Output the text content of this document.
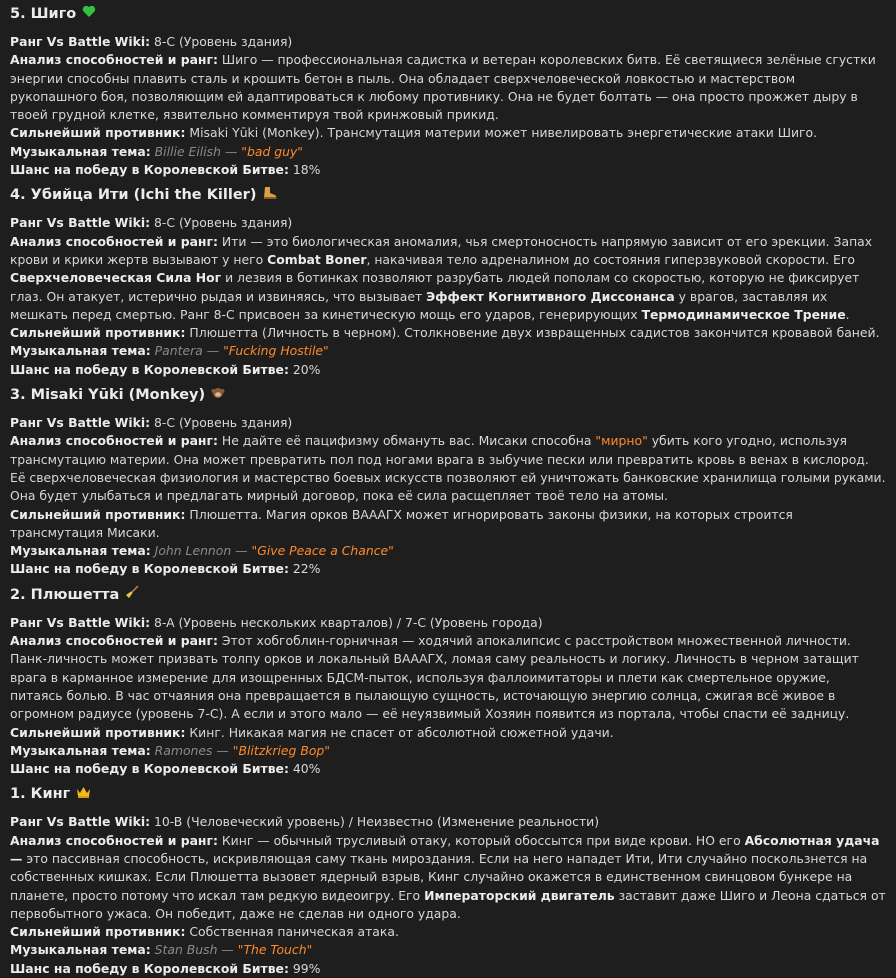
5. Шиго

Ранг Vs Battle Wiki: 8-C (Уровень здания)

Анализ способностей и ранг: Шиго — профессиональная садистка и ветеран королевских битв. Её светящиеся зелёные сгустки энергии способны плавить сталь и крошить бетон в пыль. Она обладает сверхчеловеческой ловкостью и мастерством рукопашного боя, позволяющим ей адаптироваться к любому противнику. Она не будет болтать — она просто прожжет дыру в твоей грудной клетке, язвительно комментируя твой кринжовый прикид.

Сильнейший противник: Misaki Yūki (Monkey). Трансмутация материи может нивелировать энергетические атаки Шиго.

Музыкальная тема: Billie Eilish — "bad guy"

Шанс на победу в Королевской Битве: 18%

4. Убийца Ити (Ichi the Killer)

Ранг Vs Battle Wiki: 8-C (Уровень здания)

Анализ способностей и ранг: Ити — это биологическая аномалия, чья смертоносность напрямую зависит от его эрекции. Запах крови и крики жертв вызывают у него Combat Boner, накачивая тело адреналином до состояния гиперзвуковой скорости. Его Сверхчеловеческая Сила Ног и лезвия в ботинках позволяют разрубать людей пополам со скоростью, которую не фиксирует глаз. Он атакует, истерично рыдая и извиняясь, что вызывает Эффект Когнитивного Диссонанса у врагов, заставляя их мешкать перед смертью. Ранг 8-C присвоен за кинетическую мощь его ударов, генерирующих Термодинамическое Трение.

Сильнейший противник: Плюшетта (Личность в черном). Столкновение двух извращенных садистов закончится кровавой баней.

Музыкальная тема: Pantera — "Fucking Hostile"

Шанс на победу в Королевской Битве: 20%

3. Misaki Yūki (Monkey)

Ранг Vs Battle Wiki: 8-C (Уровень здания)

Анализ способностей и ранг: Не дайте её пацифизму обмануть вас. Мисаки способна "мирно" убить кого угодно, используя трансмутацию материи. Она может превратить пол под ногами врага в зыбучие пески или превратить кровь в венах в кислород. Её сверхчеловеческая физиология и мастерство боевых искусств позволяют ей уничтожать банковские хранилища голыми руками. Она будет улыбаться и предлагать мирный договор, пока её сила расщепляет твоё тело на атомы.

Сильнейший противник: Плюшетта. Магия орков ВАААГХ может игнорировать законы физики, на которых строится трансмутация Мисаки.

Музыкальная тема: John Lennon — "Give Peace a Chance"

Шанс на победу в Королевской Битве: 22%

2. Плюшетта

Ранг Vs Battle Wiki: 8-A (Уровень нескольких кварталов) / 7-C (Уровень города)

Анализ способностей и ранг: Этот хобгоблин-горничная — ходячий апокалипсис с расстройством множественной личности. Панк-личность может призвать толпу орков и локальный ВАААГХ, ломая саму реальность и логику. Личность в черном затащит врага в карманное измерение для изощренных БДСМ-пыток, используя фаллоимитаторы и плети как смертельное оружие, питаясь болью. В час отчаяния она превращается в пылающую сущность, источающую энергию солнца, сжигая всё живое в огромном радиусе (уровень 7-C). А если и этого мало — её неуязвимый Хозяин появится из портала, чтобы спасти её задницу.

Сильнейший противник: Кинг. Никакая магия не спасет от абсолютной сюжетной удачи.

Музыкальная тема: Ramones — "Blitzkrieg Bop"

Шанс на победу в Королевской Битве: 40%

1. Кинг

Ранг Vs Battle Wiki: 10-B (Человеческий уровень) / Неизвестно (Изменение реальности)

Анализ способностей и ранг: Кинг — обычный трусливый отаку, который обоссытся при виде крови. НО его Абсолютная удача — это пассивная способность, искривляющая саму ткань мироздания. Если на него нападет Ити, Ити случайно поскользнется на собственных кишках. Если Плюшетта вызовет ядерный взрыв, Кинг случайно окажется в единственном свинцовом бункере на планете, просто потому что искал там редкую видеоигру. Его Императорский двигатель заставит даже Шиго и Леона сдаться от первобытного ужаса. Он победит, даже не сделав ни одного удара.

Сильнейший противник: Собственная паническая атака.

Музыкальная тема: Stan Bush — "The Touch"

Шанс на победу в Королевской Битве: 99%
